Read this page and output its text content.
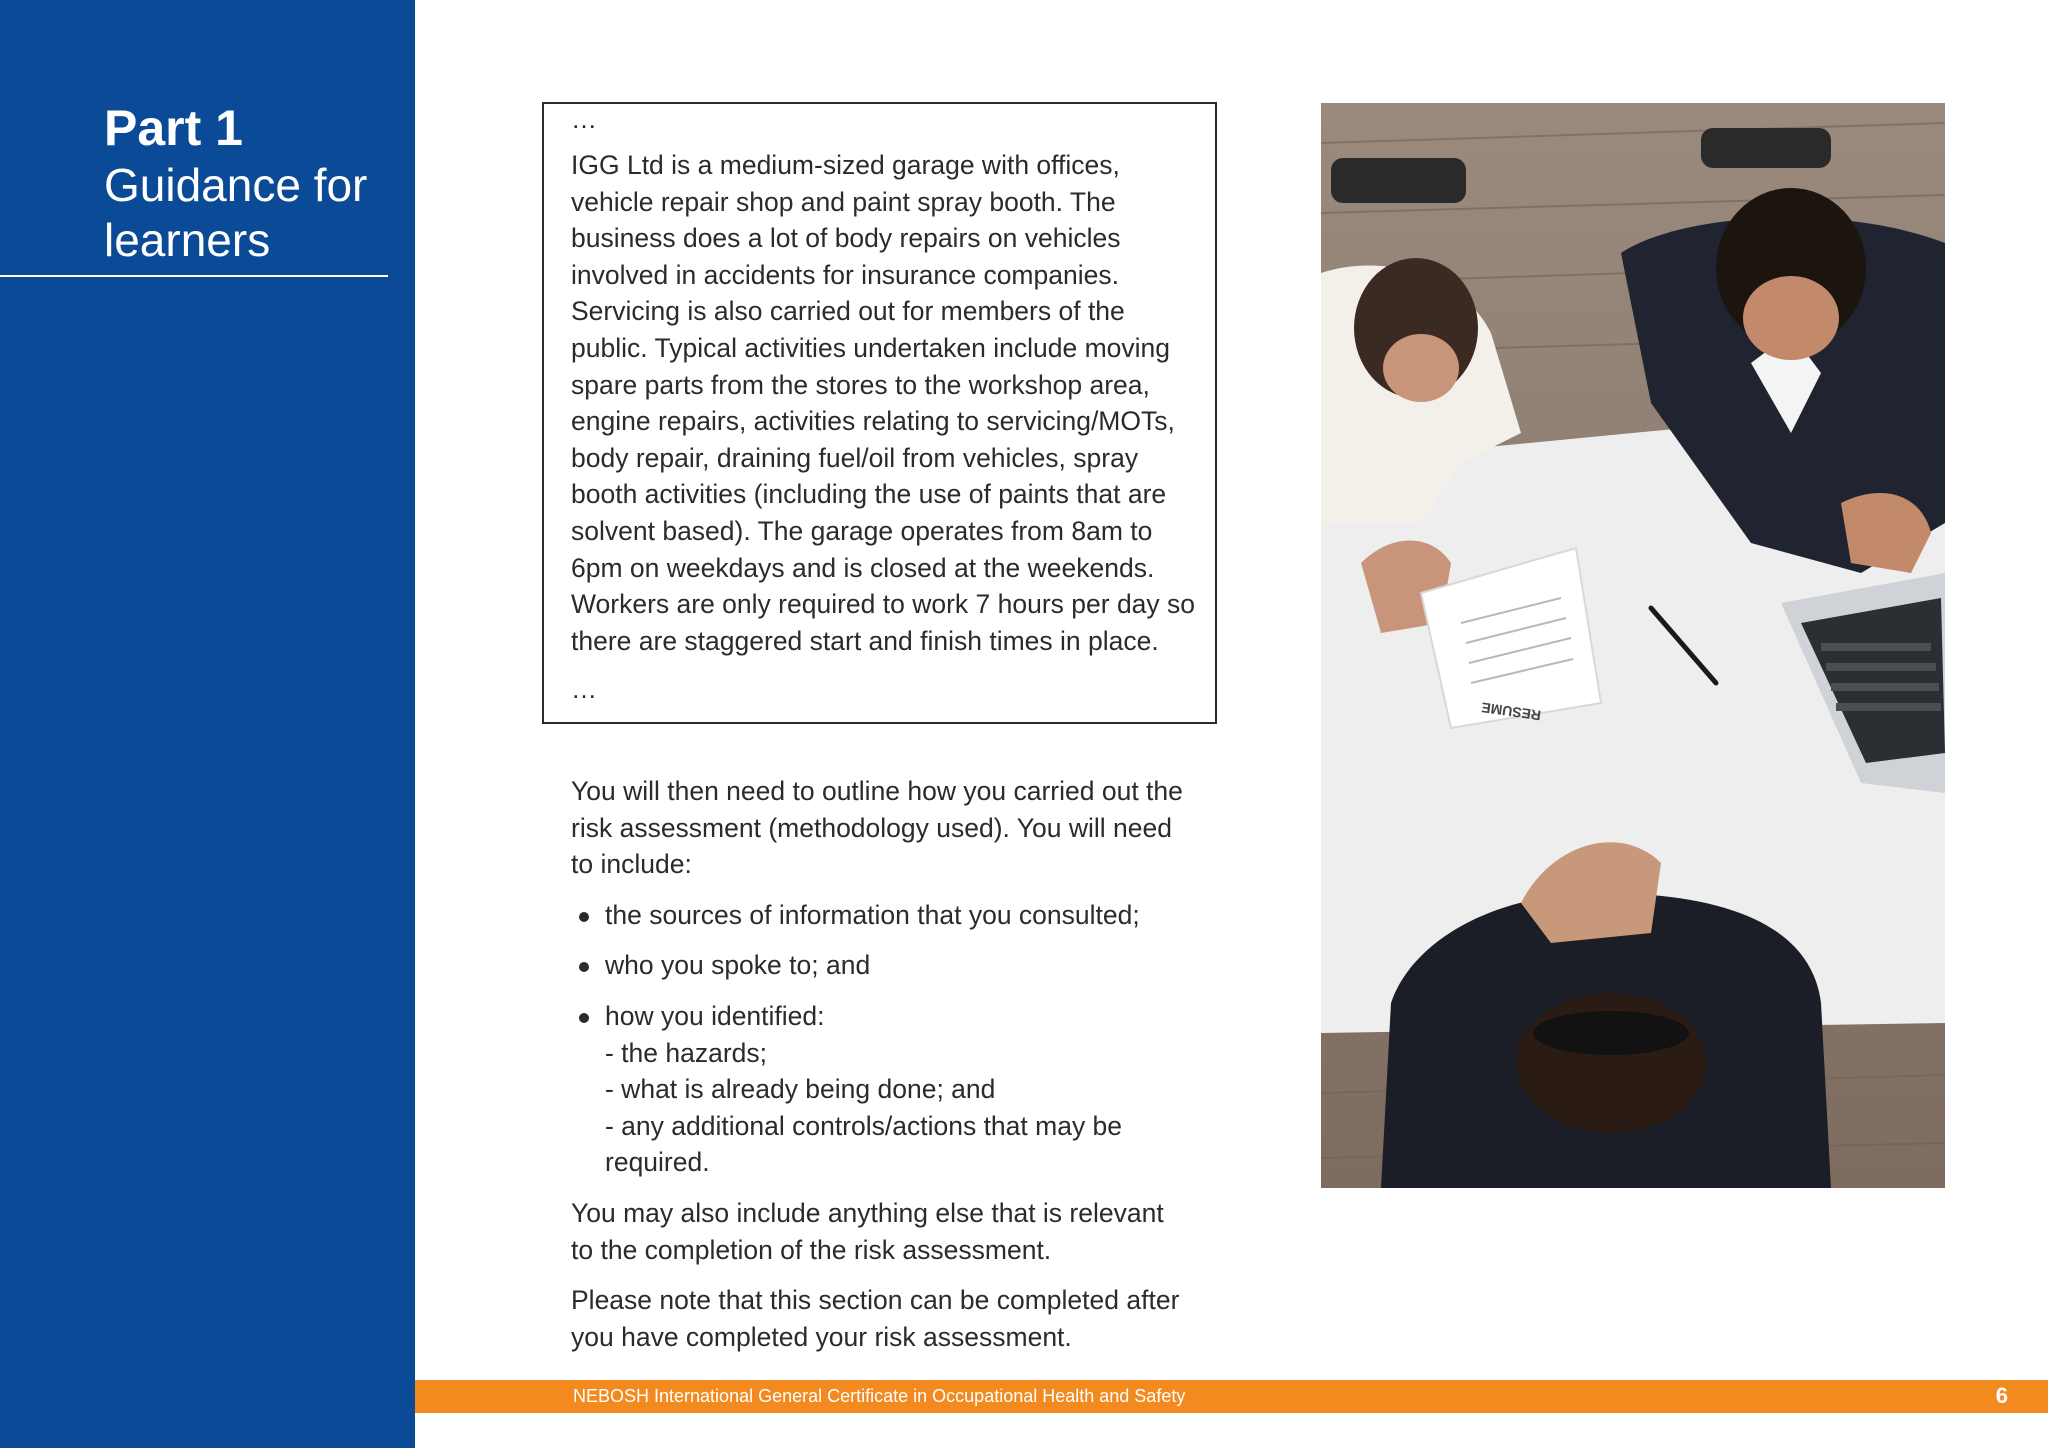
Part 1
Guidance for learners
…
IGG Ltd is a medium-sized garage with offices, vehicle repair shop and paint spray booth. The business does a lot of body repairs on vehicles involved in accidents for insurance companies. Servicing is also carried out for members of the public. Typical activities undertaken include moving spare parts from the stores to the workshop area, engine repairs, activities relating to servicing/MOTs, body repair, draining fuel/oil from vehicles, spray booth activities (including the use of paints that are solvent based). The garage operates from 8am to 6pm on weekdays and is closed at the weekends. Workers are only required to work 7 hours per day so there are staggered start and finish times in place.
…

You will then need to outline how you carried out the risk assessment (methodology used). You will need to include:

the sources of information that you consulted;
who you spoke to; and
how you identified:
- the hazards;
- what is already being done; and
- any additional controls/actions that may be required.

You may also include anything else that is relevant to the completion of the risk assessment.

Please note that this section can be completed after you have completed your risk assessment.

RESUME
NEBOSH International General Certificate in Occupational Health and Safety	6
